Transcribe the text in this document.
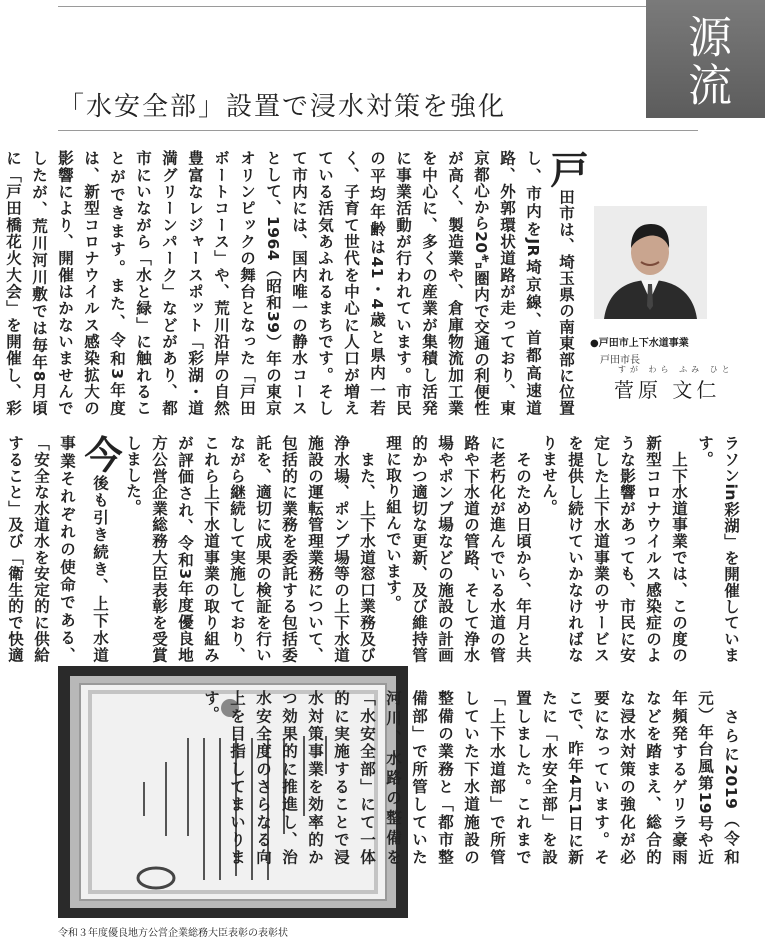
源流
「水安全部」設置で浸水対策を強化

戸田市は、埼玉県の南東部に位置し、市内をJR埼京線、首都高速道路、外郭環状道路が走っており、東京都心から20㌔圏内で交通の利便性が高く、製造業や、倉庫物流加工業を中心に、多くの産業が集積し活発に事業活動が行われています。市民の平均年齢は41・4歳と県内一若く、子育て世代を中心に人口が増えている活気あふれるまちです。そして市内には、国内唯一の静水コースとして、1964（昭和39）年の東京オリンピックの舞台となった「戸田ボートコース」や、荒川沿岸の自然豊富なレジャースポット「彩湖・道満グリーンパーク」などがあり、都市にいながら「水と緑」に触れることができます。また、令和3年度は、新型コロナウイルス感染拡大の影響により、開催はかないませんでしたが、荒川河川敷では毎年8月頃に「戸田橋花火大会」を開催し、彩

●戸田市上下水道事業
戸田市長
すが わら ふみ ひと
菅原 文仁

ラソンin彩湖」を開催しています。

　上下水道事業では、この度の新型コロナウイルス感染症のような影響があっても、市民に安定した上下水道事業のサービスを提供し続けていかなければなりません。

　そのため日頃から、年月と共に老朽化が進んでいる水道の管路や下水道の管路、そして浄水場やポンプ場などの施設の計画的かつ適切な更新、及び維持管理に取り組んでいます。

　また、上下水道窓口業務及び浄水場、ポンプ場等の上下水道施設の運転管理業務について、包括的に業務を委託する包括委託を、適切に成果の検証を行いながら継続して実施しており、これら上下水道事業の取り組みが評価され、令和3年度優良地方公営企業総務大臣表彰を受賞しました。

今後も引き続き、上下水道事業それぞれの使命である、「安全な水道水を安定的に供給すること」及び「衛生的で快適

令和３年度優良地方公営企業総務大臣表彰の表彰状

　さらに2019（令和元）年台風第19号や近年頻発するゲリラ豪雨などを踏まえ、総合的な浸水対策の強化が必要になっています。そこで、昨年4月1日に新たに「水安全部」を設置しました。これまで「上下水道部」で所管していた下水道施設の整備の業務と「都市整備部」で所管していた河川、水路の整備を「水安全部」にて一体的に実施することで浸水対策事業を効率的かつ効果的に推進し、治水安全度のさらなる向上を目指してまいります。
